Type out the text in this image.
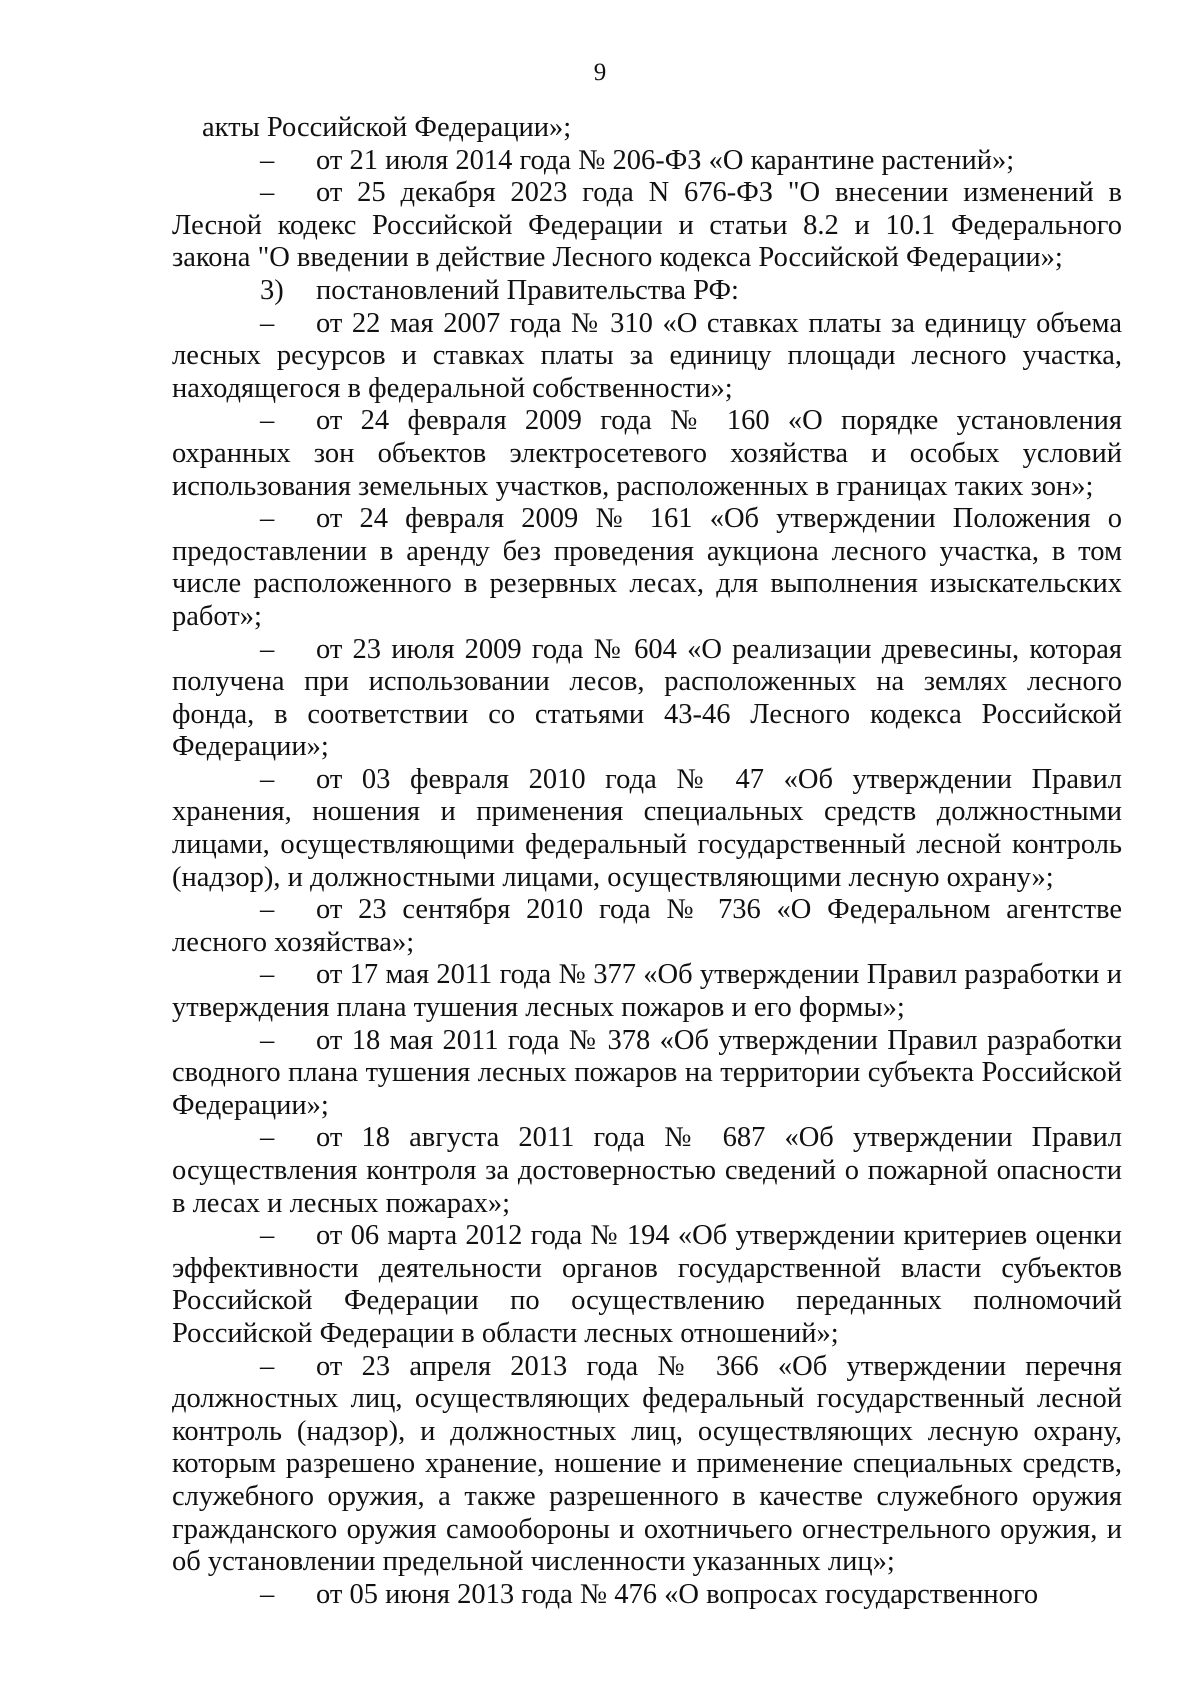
9

акты Российской Федерации»;

– от 21 июля 2014 года № 206-ФЗ «О карантине растений»;

– от 25 декабря 2023 года N 676-ФЗ "О внесении изменений в Лесной кодекс Российской Федерации и статьи 8.2 и 10.1 Федерального закона "О введении в действие Лесного кодекса Российской Федерации»;

3) постановлений Правительства РФ:

– от 22 мая 2007 года № 310 «О ставках платы за единицу объема лесных ресурсов и ставках платы за единицу площади лесного участка, находящегося в федеральной собственности»;

– от 24 февраля 2009 года № 160 «О порядке установления охранных зон объектов электросетевого хозяйства и особых условий использования земельных участков, расположенных в границах таких зон»;

– от 24 февраля 2009 № 161 «Об утверждении Положения о предоставлении в аренду без проведения аукциона лесного участка, в том числе расположенного в резервных лесах, для выполнения изыскательских работ»;

– от 23 июля 2009 года № 604 «О реализации древесины, которая получена при использовании лесов, расположенных на землях лесного фонда, в соответствии со статьями 43-46 Лесного кодекса Российской Федерации»;

– от 03 февраля 2010 года № 47 «Об утверждении Правил хранения, ношения и применения специальных средств должностными лицами, осуществляющими федеральный государственный лесной контроль (надзор), и должностными лицами, осуществляющими лесную охрану»;

– от 23 сентября 2010 года № 736 «О Федеральном агентстве лесного хозяйства»;

– от 17 мая 2011 года № 377 «Об утверждении Правил разработки и утверждения плана тушения лесных пожаров и его формы»;

– от 18 мая 2011 года № 378 «Об утверждении Правил разработки сводного плана тушения лесных пожаров на территории субъекта Российской Федерации»;

– от 18 августа 2011 года № 687 «Об утверждении Правил осуществления контроля за достоверностью сведений о пожарной опасности в лесах и лесных пожарах»;

– от 06 марта 2012 года № 194 «Об утверждении критериев оценки эффективности деятельности органов государственной власти субъектов Российской Федерации по осуществлению переданных полномочий Российской Федерации в области лесных отношений»;

– от 23 апреля 2013 года № 366 «Об утверждении перечня должностных лиц, осуществляющих федеральный государственный лесной контроль (надзор), и должностных лиц, осуществляющих лесную охрану, которым разрешено хранение, ношение и применение специальных средств, служебного оружия, а также разрешенного в качестве служебного оружия гражданского оружия самообороны и охотничьего огнестрельного оружия, и об установлении предельной численности указанных лиц»;

– от 05 июня 2013 года № 476 «О вопросах государственного
